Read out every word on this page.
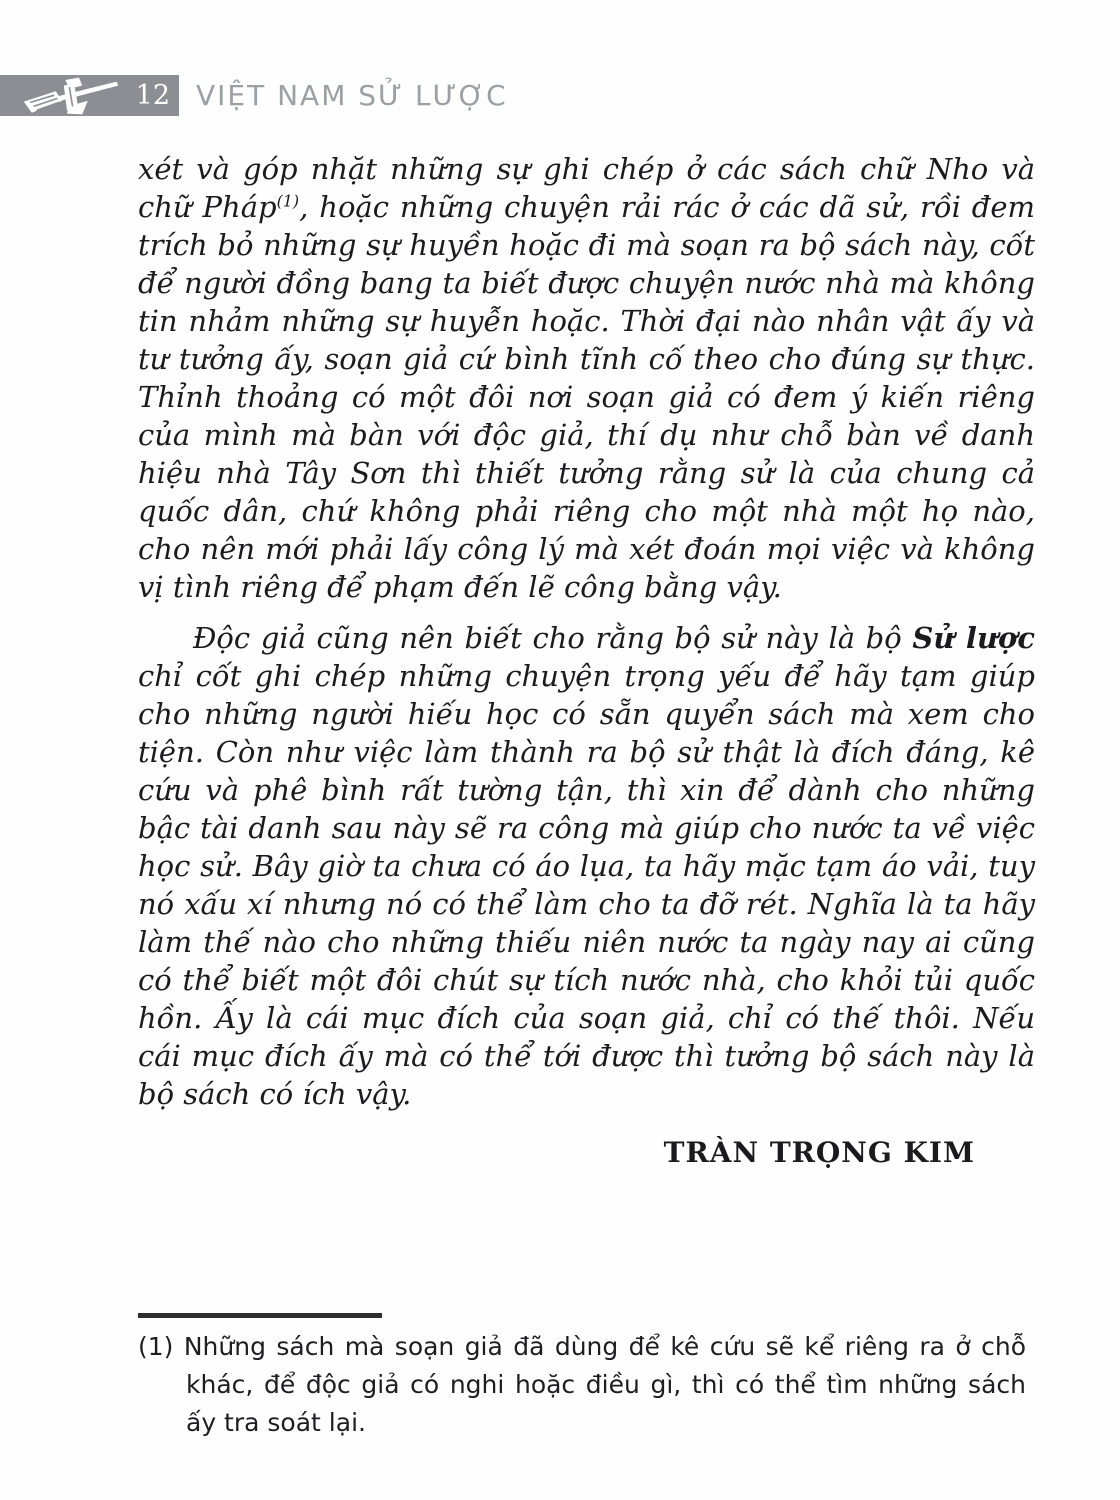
12 VIỆT NAM SỬ LƯỢC

xét và góp nhặt những sự ghi chép ở các sách chữ Nho và chữ Pháp$^{(1)}$, hoặc những chuyện rải rác ở các dã sử, rồi đem trích bỏ những sự huyền hoặc đi mà soạn ra bộ sách này, cốt để người đồng bang ta biết được chuyện nước nhà mà không tin nhảm những sự huyễn hoặc. Thời đại nào nhân vật ấy và tư tưởng ấy, soạn giả cứ bình tĩnh cố theo cho đúng sự thực. Thỉnh thoảng có một đôi nơi soạn giả có đem ý kiến riêng của mình mà bàn với độc giả, thí dụ như chỗ bàn về danh hiệu nhà Tây Sơn thì thiết tưởng rằng sử là của chung cả quốc dân, chứ không phải riêng cho một nhà một họ nào, cho nên mới phải lấy công lý mà xét đoán mọi việc và không vị tình riêng để phạm đến lẽ công bằng vậy.

Độc giả cũng nên biết cho rằng bộ sử này là bộ Sử lược chỉ cốt ghi chép những chuyện trọng yếu để hãy tạm giúp cho những người hiếu học có sẵn quyển sách mà xem cho tiện. Còn như việc làm thành ra bộ sử thật là đích đáng, kê cứu và phê bình rất tường tận, thì xin để dành cho những bậc tài danh sau này sẽ ra công mà giúp cho nước ta về việc học sử. Bây giờ ta chưa có áo lụa, ta hãy mặc tạm áo vải, tuy nó xấu xí nhưng nó có thể làm cho ta đỡ rét. Nghĩa là ta hãy làm thế nào cho những thiếu niên nước ta ngày nay ai cũng có thể biết một đôi chút sự tích nước nhà, cho khỏi tủi quốc hồn. Ấy là cái mục đích của soạn giả, chỉ có thế thôi. Nếu cái mục đích ấy mà có thể tới được thì tưởng bộ sách này là bộ sách có ích vậy.

TRÀN TRỌNG KIM
(1) Những sách mà soạn giả đã dùng để kê cứu sẽ kể riêng ra ở chỗ khác, để độc giả có nghi hoặc điều gì, thì có thể tìm những sách ấy tra soát lại.
